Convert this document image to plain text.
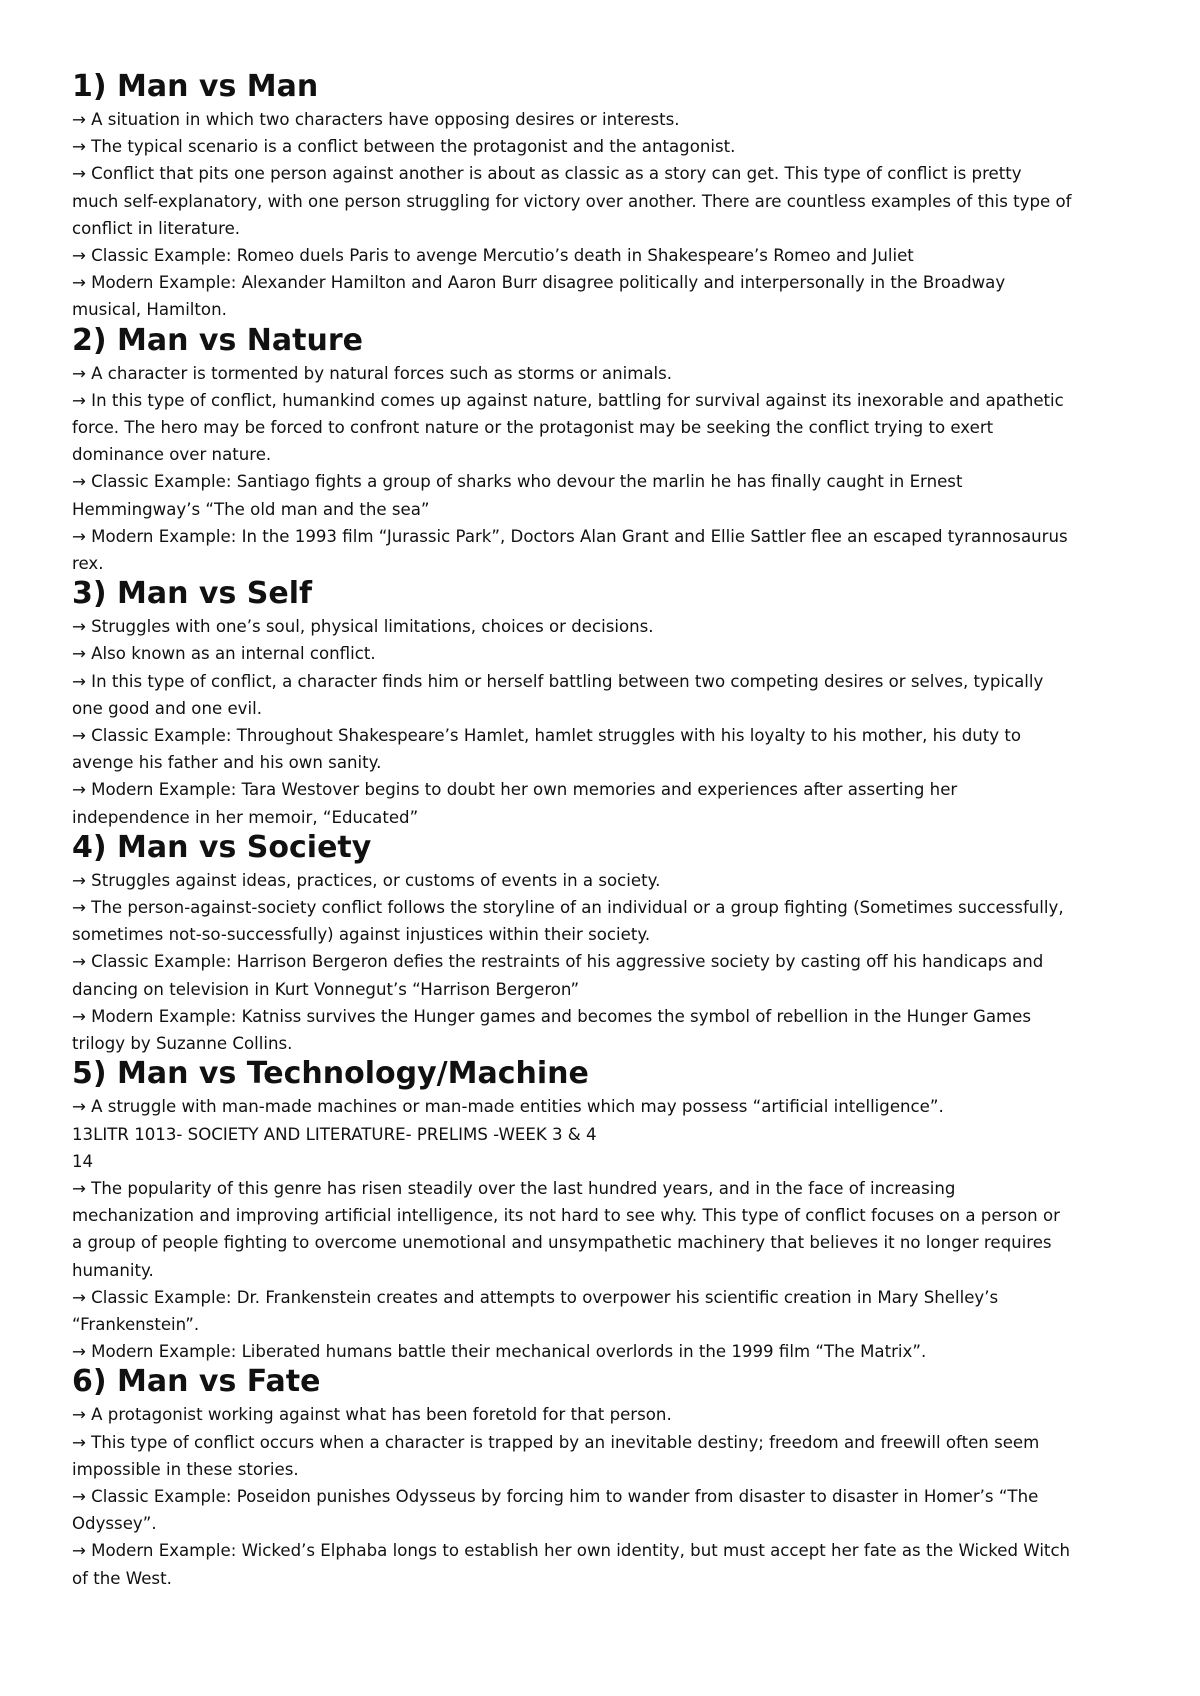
1) Man vs Man

→ A situation in which two characters have opposing desires or interests.

→ The typical scenario is a conflict between the protagonist and the antagonist.

→ Conflict that pits one person against another is about as classic as a story can get. This type of conflict is pretty much self-explanatory, with one person struggling for victory over another. There are countless examples of this type of conflict in literature.

→ Classic Example: Romeo duels Paris to avenge Mercutio’s death in Shakespeare’s Romeo and Juliet

→ Modern Example: Alexander Hamilton and Aaron Burr disagree politically and interpersonally in the Broadway musical, Hamilton.

2) Man vs Nature

→ A character is tormented by natural forces such as storms or animals.

→ In this type of conflict, humankind comes up against nature, battling for survival against its inexorable and apathetic force. The hero may be forced to confront nature or the protagonist may be seeking the conflict trying to exert dominance over nature.

→ Classic Example: Santiago fights a group of sharks who devour the marlin he has finally caught in Ernest Hemmingway’s “The old man and the sea”

→ Modern Example: In the 1993 film “Jurassic Park”, Doctors Alan Grant and Ellie Sattler flee an escaped tyrannosaurus rex.

3) Man vs Self

→ Struggles with one’s soul, physical limitations, choices or decisions.

→ Also known as an internal conflict.

→ In this type of conflict, a character finds him or herself battling between two competing desires or selves, typically one good and one evil.

→ Classic Example: Throughout Shakespeare’s Hamlet, hamlet struggles with his loyalty to his mother, his duty to avenge his father and his own sanity.

→ Modern Example: Tara Westover begins to doubt her own memories and experiences after asserting her independence in her memoir, “Educated”

4) Man vs Society

→ Struggles against ideas, practices, or customs of events in a society.

→ The person-against-society conflict follows the storyline of an individual or a group fighting (Sometimes successfully, sometimes not-so-successfully) against injustices within their society.

→ Classic Example: Harrison Bergeron defies the restraints of his aggressive society by casting off his handicaps and dancing on television in Kurt Vonnegut’s “Harrison Bergeron”

→ Modern Example: Katniss survives the Hunger games and becomes the symbol of rebellion in the Hunger Games trilogy by Suzanne Collins.

5) Man vs Technology/Machine

→ A struggle with man-made machines or man-made entities which may possess “artificial intelligence”.

13LITR 1013- SOCIETY AND LITERATURE- PRELIMS -WEEK 3 & 4

14

→ The popularity of this genre has risen steadily over the last hundred years, and in the face of increasing mechanization and improving artificial intelligence, its not hard to see why. This type of conflict focuses on a person or a group of people fighting to overcome unemotional and unsympathetic machinery that believes it no longer requires humanity.

→ Classic Example: Dr. Frankenstein creates and attempts to overpower his scientific creation in Mary Shelley’s “Frankenstein”.

→ Modern Example: Liberated humans battle their mechanical overlords in the 1999 film “The Matrix”.

6) Man vs Fate

→ A protagonist working against what has been foretold for that person.

→ This type of conflict occurs when a character is trapped by an inevitable destiny; freedom and freewill often seem impossible in these stories.

→ Classic Example: Poseidon punishes Odysseus by forcing him to wander from disaster to disaster in Homer’s “The Odyssey”.

→ Modern Example: Wicked’s Elphaba longs to establish her own identity, but must accept her fate as the Wicked Witch of the West.
